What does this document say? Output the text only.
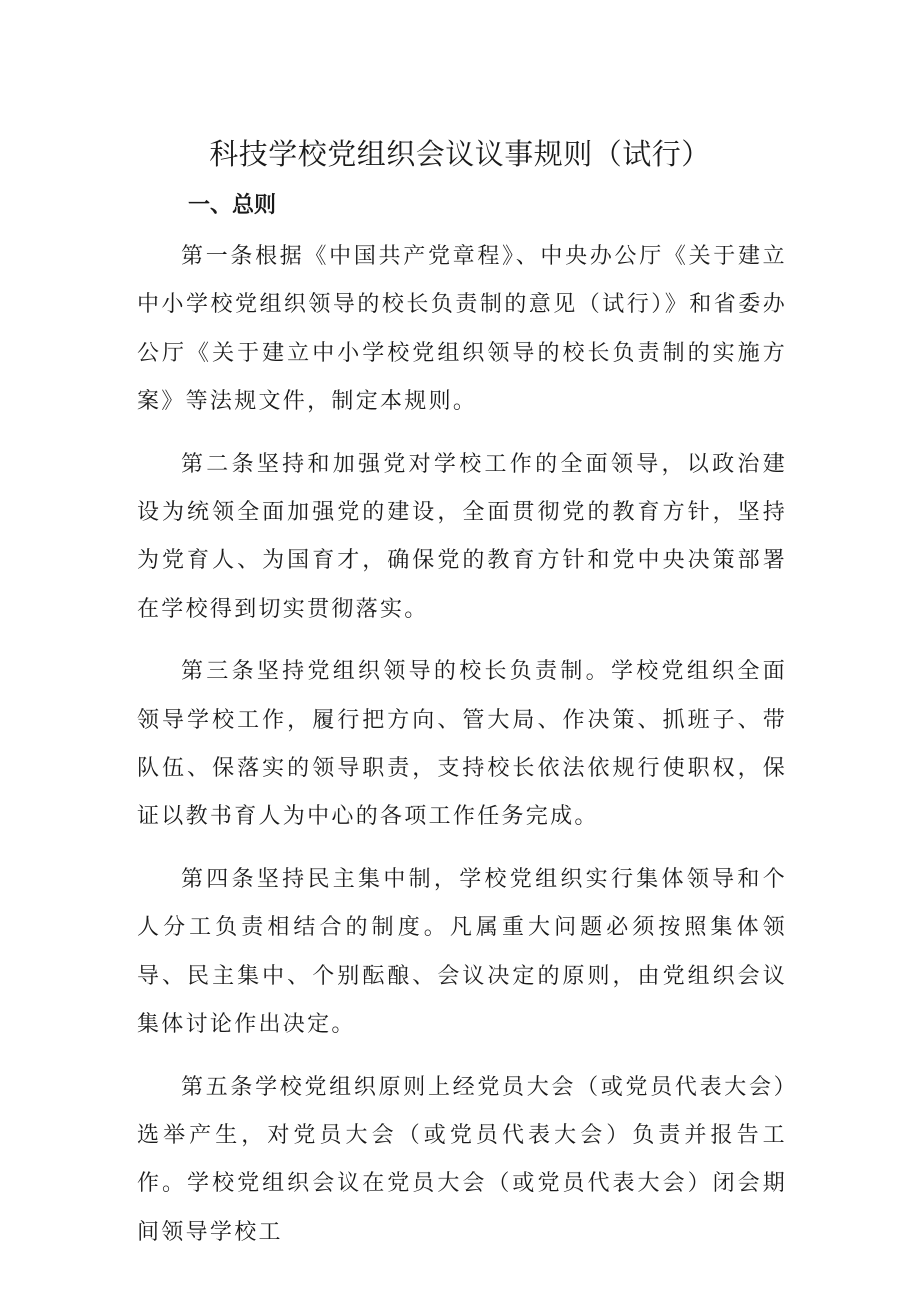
科技学校党组织会议议事规则（试行）
一、总则

第一条根据《中国共产党章程》、中央办公厅《关于建立中小学校党组织领导的校长负责制的意见（试行）》和省委办公厅《关于建立中小学校党组织领导的校长负责制的实施方案》等法规文件，制定本规则。

第二条坚持和加强党对学校工作的全面领导，以政治建设为统领全面加强党的建设，全面贯彻党的教育方针，坚持为党育人、为国育才，确保党的教育方针和党中央决策部署在学校得到切实贯彻落实。

第三条坚持党组织领导的校长负责制。学校党组织全面领导学校工作，履行把方向、管大局、作决策、抓班子、带队伍、保落实的领导职责，支持校长依法依规行使职权，保证以教书育人为中心的各项工作任务完成。

第四条坚持民主集中制，学校党组织实行集体领导和个人分工负责相结合的制度。凡属重大问题必须按照集体领导、民主集中、个别酝酿、会议决定的原则，由党组织会议集体讨论作出决定。

第五条学校党组织原则上经党员大会（或党员代表大会）选举产生，对党员大会（或党员代表大会）负责并报告工作。学校党组织会议在党员大会（或党员代表大会）闭会期间领导学校工
